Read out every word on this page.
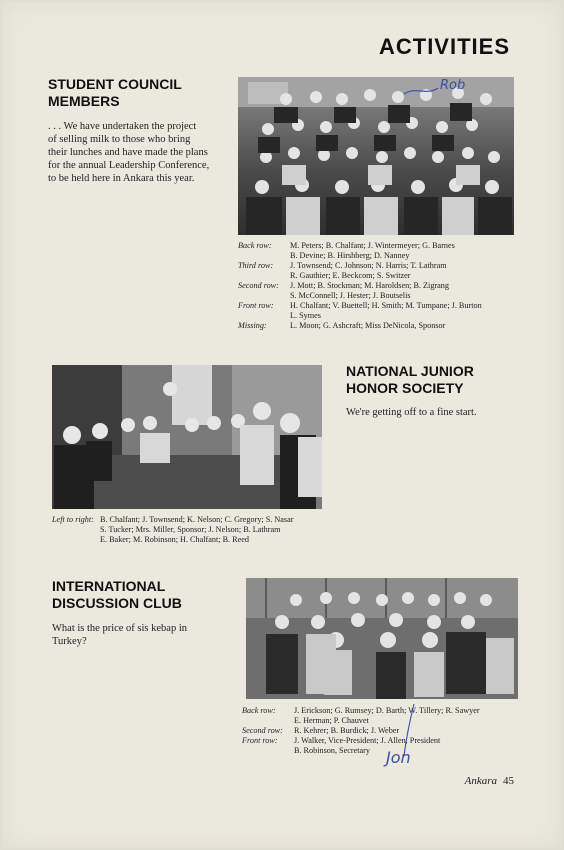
ACTIVITIES
STUDENT COUNCIL
MEMBERS
. . . We have undertaken the project
of selling milk to those who bring
their lunches and have made the plans
for the annual Leadership Conference,
to be held here in Ankara this year.
Rob
Back row:	M. Peters; B. Chalfant; J. Wintermeyer; G. Barnes
B. Devine; B. Hirshberg; D. Nanney
Third row:	J. Townsend; C. Johnson; N. Harris; T. Lathram
R. Gauthier; E. Beckcom; S. Switzer
Second row:	J. Mott; B. Stockman; M. Haroldsen; B. Zigrang
S. McConnell; J. Hester; J. Boutselis
Front row:	H. Chalfant; V. Buettell; H. Smith; M. Tumpane; J. Burton
L. Symes
Missing:	L. Moon; G. Ashcraft; Miss DeNicola, Sponsor
NATIONAL JUNIOR
HONOR SOCIETY
We're getting off to a fine start.
Left to right: B. Chalfant; J. Townsend; K. Nelson; C. Gregory; S. Nasar
S. Tucker; Mrs. Miller, Sponsor; J. Nelson; B. Lathram
E. Baker; M. Robinson; H. Chalfant; B. Reed
INTERNATIONAL
DISCUSSION CLUB
What is the price of sis kebap in
Turkey?
Back row:	J. Erickson; G. Rumsey; D. Barth; W. Tillery; R. Sawyer
E. Herman; P. Chauvet
Second row:	R. Kehrer; B. Burdick; J. Weber
Front row:	J. Walker, Vice-President; J. Allen, President
B. Robinson, Secretary	Jon
Ankara 45
